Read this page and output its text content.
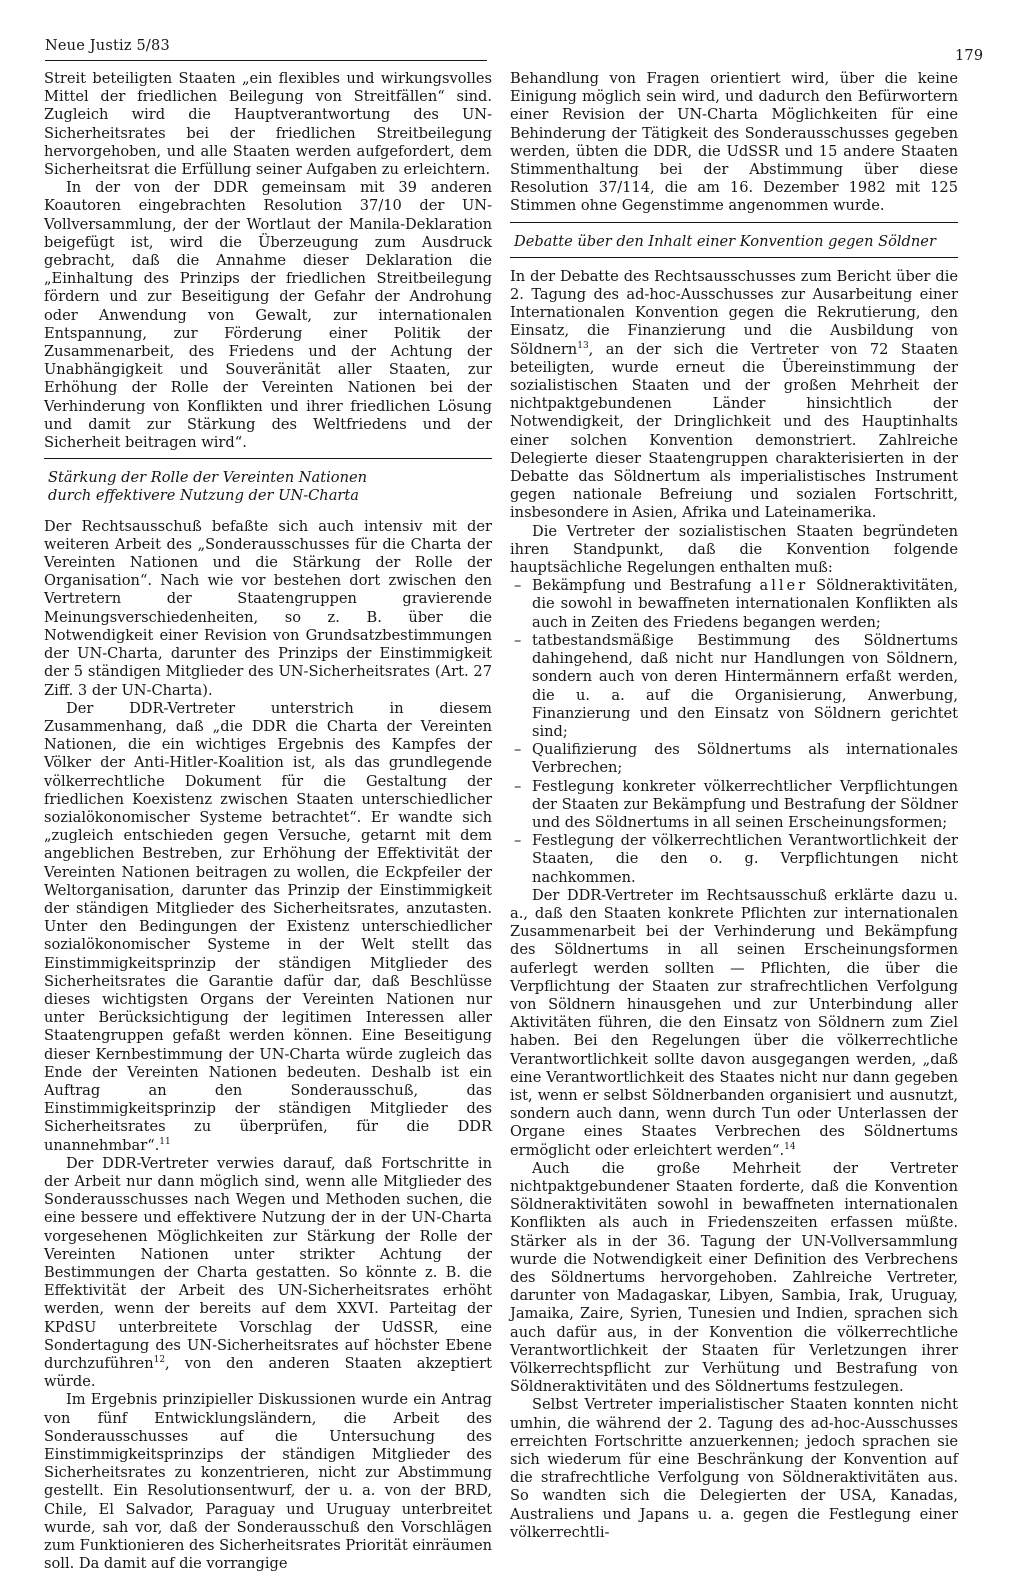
Neue Justiz 5/83
179

Streit beteiligten Staaten „ein flexibles und wirkungsvolles Mittel der friedlichen Beilegung von Streitfällen“ sind. Zugleich wird die Hauptverantwortung des UN-Sicherheitsrates bei der friedlichen Streitbeilegung hervorgehoben, und alle Staaten werden aufgefordert, dem Sicherheitsrat die Erfüllung seiner Aufgaben zu erleichtern.

In der von der DDR gemeinsam mit 39 anderen Koautoren eingebrachten Resolution 37/10 der UN-Vollversammlung, der der Wortlaut der Manila-Deklaration beigefügt ist, wird die Überzeugung zum Ausdruck gebracht, daß die Annahme dieser Deklaration die „Einhaltung des Prinzips der friedlichen Streitbeilegung fördern und zur Beseitigung der Gefahr der Androhung oder Anwendung von Gewalt, zur internationalen Entspannung, zur Förderung einer Politik der Zusammenarbeit, des Friedens und der Achtung der Unabhängigkeit und Souveränität aller Staaten, zur Erhöhung der Rolle der Vereinten Nationen bei der Verhinderung von Konflikten und ihrer friedlichen Lösung und damit zur Stärkung des Weltfriedens und der Sicherheit beitragen wird“.

Stärkung der Rolle der Vereinten Nationen
durch effektivere Nutzung der UN-Charta

Der Rechtsausschuß befaßte sich auch intensiv mit der weiteren Arbeit des „Sonderausschusses für die Charta der Vereinten Nationen und die Stärkung der Rolle der Organisation“. Nach wie vor bestehen dort zwischen den Vertretern der Staatengruppen gravierende Meinungsverschiedenheiten, so z. B. über die Notwendigkeit einer Revision von Grundsatzbestimmungen der UN-Charta, darunter des Prinzips der Einstimmigkeit der 5 ständigen Mitglieder des UN-Sicherheitsrates (Art. 27 Ziff. 3 der UN-Charta).

Der DDR-Vertreter unterstrich in diesem Zusammenhang, daß „die DDR die Charta der Vereinten Nationen, die ein wichtiges Ergebnis des Kampfes der Völker der Anti-Hitler-Koalition ist, als das grundlegende völkerrechtliche Dokument für die Gestaltung der friedlichen Koexistenz zwischen Staaten unterschiedlicher sozialökonomischer Systeme betrachtet“. Er wandte sich „zugleich entschieden gegen Versuche, getarnt mit dem angeblichen Bestreben, zur Erhöhung der Effektivität der Vereinten Nationen beitragen zu wollen, die Eckpfeiler der Weltorganisation, darunter das Prinzip der Einstimmigkeit der ständigen Mitglieder des Sicherheitsrates, anzutasten. Unter den Bedingungen der Existenz unterschiedlicher sozialökonomischer Systeme in der Welt stellt das Einstimmigkeitsprinzip der ständigen Mitglieder des Sicherheitsrates die Garantie dafür dar, daß Beschlüsse dieses wichtigsten Organs der Vereinten Nationen nur unter Berücksichtigung der legitimen Interessen aller Staatengruppen gefaßt werden können. Eine Beseitigung dieser Kernbestimmung der UN-Charta würde zugleich das Ende der Vereinten Nationen bedeuten. Deshalb ist ein Auftrag an den Sonderausschuß, das Einstimmigkeitsprinzip der ständigen Mitglieder des Sicherheitsrates zu überprüfen, für die DDR unannehmbar“.$^{11}$

Der DDR-Vertreter verwies darauf, daß Fortschritte in der Arbeit nur dann möglich sind, wenn alle Mitglieder des Sonderausschusses nach Wegen und Methoden suchen, die eine bessere und effektivere Nutzung der in der UN-Charta vorgesehenen Möglichkeiten zur Stärkung der Rolle der Vereinten Nationen unter strikter Achtung der Bestimmungen der Charta gestatten. So könnte z. B. die Effektivität der Arbeit des UN-Sicherheitsrates erhöht werden, wenn der bereits auf dem XXVI. Parteitag der KPdSU unterbreitete Vorschlag der UdSSR, eine Sondertagung des UN-Sicherheitsrates auf höchster Ebene durchzuführen$^{12}$, von den anderen Staaten akzeptiert würde.

Im Ergebnis prinzipieller Diskussionen wurde ein Antrag von fünf Entwicklungsländern, die Arbeit des Sonderausschusses auf die Untersuchung des Einstimmigkeitsprinzips der ständigen Mitglieder des Sicherheitsrates zu konzentrieren, nicht zur Abstimmung gestellt. Ein Resolutionsentwurf, der u. a. von der BRD, Chile, El Salvador, Paraguay und Uruguay unterbreitet wurde, sah vor, daß der Sonderausschuß den Vorschlägen zum Funktionieren des Sicherheitsrates Priorität einräumen soll. Da damit auf die vorrangige

Behandlung von Fragen orientiert wird, über die keine Einigung möglich sein wird, und dadurch den Befürwortern einer Revision der UN-Charta Möglichkeiten für eine Behinderung der Tätigkeit des Sonderausschusses gegeben werden, übten die DDR, die UdSSR und 15 andere Staaten Stimmenthaltung bei der Abstimmung über diese Resolution 37/114, die am 16. Dezember 1982 mit 125 Stimmen ohne Gegenstimme angenommen wurde.

Debatte über den Inhalt einer Konvention gegen Söldner

In der Debatte des Rechtsausschusses zum Bericht über die 2. Tagung des ad-hoc-Ausschusses zur Ausarbeitung einer Internationalen Konvention gegen die Rekrutierung, den Einsatz, die Finanzierung und die Ausbildung von Söldnern$^{13}$, an der sich die Vertreter von 72 Staaten beteiligten, wurde erneut die Übereinstimmung der sozialistischen Staaten und der großen Mehrheit der nichtpaktgebundenen Länder hinsichtlich der Notwendigkeit, der Dringlichkeit und des Hauptinhalts einer solchen Konvention demonstriert. Zahlreiche Delegierte dieser Staatengruppen charakterisierten in der Debatte das Söldnertum als imperialistisches Instrument gegen nationale Befreiung und sozialen Fortschritt, insbesondere in Asien, Afrika und Lateinamerika.

Die Vertreter der sozialistischen Staaten begründeten ihren Standpunkt, daß die Konvention folgende hauptsächliche Regelungen enthalten muß:

– Bekämpfung und Bestrafung aller Söldneraktivitäten, die sowohl in bewaffneten internationalen Konflikten als auch in Zeiten des Friedens begangen werden;
– tatbestandsmäßige Bestimmung des Söldnertums dahingehend, daß nicht nur Handlungen von Söldnern, sondern auch von deren Hintermännern erfaßt werden, die u. a. auf die Organisierung, Anwerbung, Finanzierung und den Einsatz von Söldnern gerichtet sind;
– Qualifizierung des Söldnertums als internationales Verbrechen;
– Festlegung konkreter völkerrechtlicher Verpflichtungen der Staaten zur Bekämpfung und Bestrafung der Söldner und des Söldnertums in all seinen Erscheinungsformen;
– Festlegung der völkerrechtlichen Verantwortlichkeit der Staaten, die den o. g. Verpflichtungen nicht nachkommen.

Der DDR-Vertreter im Rechtsausschuß erklärte dazu u. a., daß den Staaten konkrete Pflichten zur internationalen Zusammenarbeit bei der Verhinderung und Bekämpfung des Söldnertums in all seinen Erscheinungsformen auferlegt werden sollten — Pflichten, die über die Verpflichtung der Staaten zur strafrechtlichen Verfolgung von Söldnern hinausgehen und zur Unterbindung aller Aktivitäten führen, die den Einsatz von Söldnern zum Ziel haben. Bei den Regelungen über die völkerrechtliche Verantwortlichkeit sollte davon ausgegangen werden, „daß eine Verantwortlichkeit des Staates nicht nur dann gegeben ist, wenn er selbst Söldnerbanden organisiert und ausnutzt, sondern auch dann, wenn durch Tun oder Unterlassen der Organe eines Staates Verbrechen des Söldnertums ermöglicht oder erleichtert werden“.$^{14}$

Auch die große Mehrheit der Vertreter nichtpaktgebundener Staaten forderte, daß die Konvention Söldneraktivitäten sowohl in bewaffneten internationalen Konflikten als auch in Friedenszeiten erfassen müßte. Stärker als in der 36. Tagung der UN-Vollversammlung wurde die Notwendigkeit einer Definition des Verbrechens des Söldnertums hervorgehoben. Zahlreiche Vertreter, darunter von Madagaskar, Libyen, Sambia, Irak, Uruguay, Jamaika, Zaire, Syrien, Tunesien und Indien, sprachen sich auch dafür aus, in der Konvention die völkerrechtliche Verantwortlichkeit der Staaten für Verletzungen ihrer Völkerrechtspflicht zur Verhütung und Bestrafung von Söldneraktivitäten und des Söldnertums festzulegen.

Selbst Vertreter imperialistischer Staaten konnten nicht umhin, die während der 2. Tagung des ad-hoc-Ausschusses erreichten Fortschritte anzuerkennen; jedoch sprachen sie sich wiederum für eine Beschränkung der Konvention auf die strafrechtliche Verfolgung von Söldneraktivitäten aus. So wandten sich die Delegierten der USA, Kanadas, Australiens und Japans u. a. gegen die Festlegung einer völkerrechtli-
